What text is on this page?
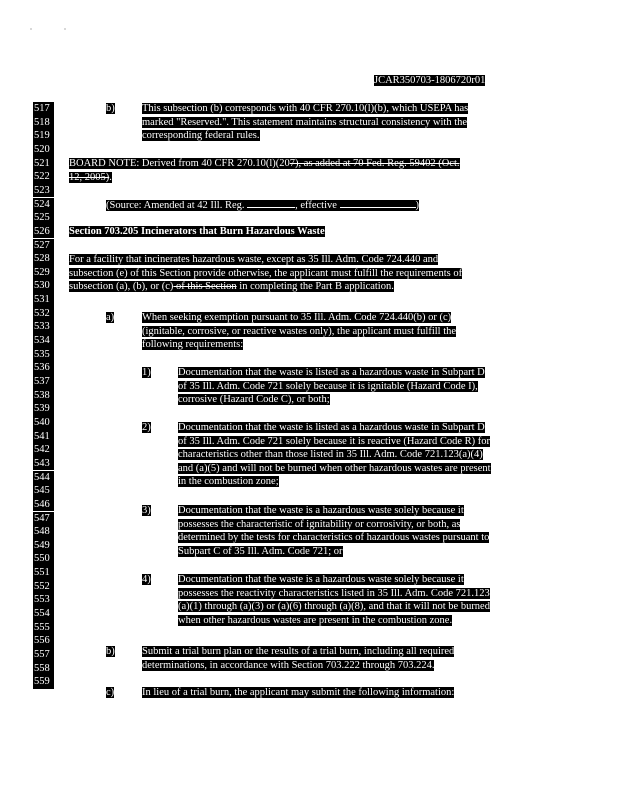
JCAR350703-1806720r01
517
518
519
520
521
522
523
524
525
526
527
528
529
530
531
532
533
534
535
536
537
538
539
540
541
542
543
544
545
546
547
548
549
550
551
552
553
554
555
556
557
558
559
b)	This subsection (b) corresponds with 40 CFR 270.10(l)(b), which USEPA has
marked "Reserved.". This statement maintains structural consistency with the
corresponding federal rules.
BOARD NOTE: Derived from 40 CFR 270.10(l)(207), as added at 70 Fed. Reg. 59402 (Oct.
12, 2005).
(Source: Amended at 42 Ill. Reg.	, effective	)
Section 703.205 Incinerators that Burn Hazardous Waste
For a facility that incinerates hazardous waste, except as 35 Ill. Adm. Code 724.440 and
subsection (e) of this Section provide otherwise, the applicant must fulfill the requirements of
subsection (a), (b), or (c) of this Section in completing the Part B application.
a)	When seeking exemption pursuant to 35 Ill. Adm. Code 724.440(b) or (c)
(ignitable, corrosive, or reactive wastes only), the applicant must fulfill the
following requirements:
1)	Documentation that the waste is listed as a hazardous waste in Subpart D
of 35 Ill. Adm. Code 721 solely because it is ignitable (Hazard Code I),
corrosive (Hazard Code C), or both;
2)	Documentation that the waste is listed as a hazardous waste in Subpart D
of 35 Ill. Adm. Code 721 solely because it is reactive (Hazard Code R) for
characteristics other than those listed in 35 Ill. Adm. Code 721.123(a)(4)
and (a)(5) and will not be burned when other hazardous wastes are present
in the combustion zone;
3)	Documentation that the waste is a hazardous waste solely because it
possesses the characteristic of ignitability or corrosivity, or both, as
determined by the tests for characteristics of hazardous wastes pursuant to
Subpart C of 35 Ill. Adm. Code 721; or
4)	Documentation that the waste is a hazardous waste solely because it
possesses the reactivity characteristics listed in 35 Ill. Adm. Code 721.123
(a)(1) through (a)(3) or (a)(6) through (a)(8), and that it will not be burned
when other hazardous wastes are present in the combustion zone.
b)	Submit a trial burn plan or the results of a trial burn, including all required
determinations, in accordance with Section 703.222 through 703.224.
c)	In lieu of a trial burn, the applicant may submit the following information:
